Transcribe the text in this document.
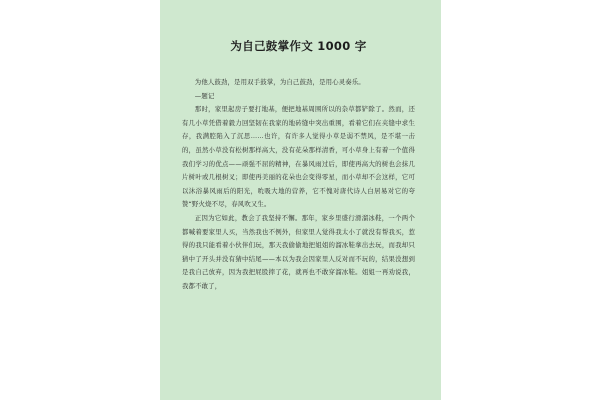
为自己鼓掌作文 1000 字

为他人鼓劲，是用双手鼓掌，为自己鼓劲，是用心灵奏乐。

—题记

那时，家里起房子要打地基，便把地基周围所以的杂草都铲除了。然而，还有几小草凭借着毅力回坚韧在我家的地砖缝中突出重围，看着它们在夹缝中求生存，我满腔陷入了沉思……也许，有许多人觉得小草是弱不禁风，是不堪一击的，虽然小草没有松树那样高大，没有花朵那样清香，可小草身上有着一个值得我们学习的优点——顽强不屈的精神，在暴风雨过后，即使再高大的树也会抹几片树叶或几根树叉；即使再美丽的花朵也会变得零星，而小草却不会这样，它可以沐浴暴风雨后的阳光，吮吸大地的营养，它不愧对唐代诗人白居易对它的夸赞“野火烧不尽，春风吹又生。

正因为它如此，教会了我坚持不懈。那年，家乡里盛行滑溜冰鞋，一个两个都喊着要家里人买，当然我也不例外，但家里人觉得我太小了就没有帮我买，惹得的我只能看着小伙伴们玩，那天我偷偷地把姐姐的溜冰鞋拿出去玩，而我却只猜中了开头并没有猜中结尾——本以为我会因家里人反对而不玩的，结果没想到是我自己放弃，因为我把屁股摔了花，就再也不敢穿溜冰鞋。姐姐一再劝说我，我都不敢了，
